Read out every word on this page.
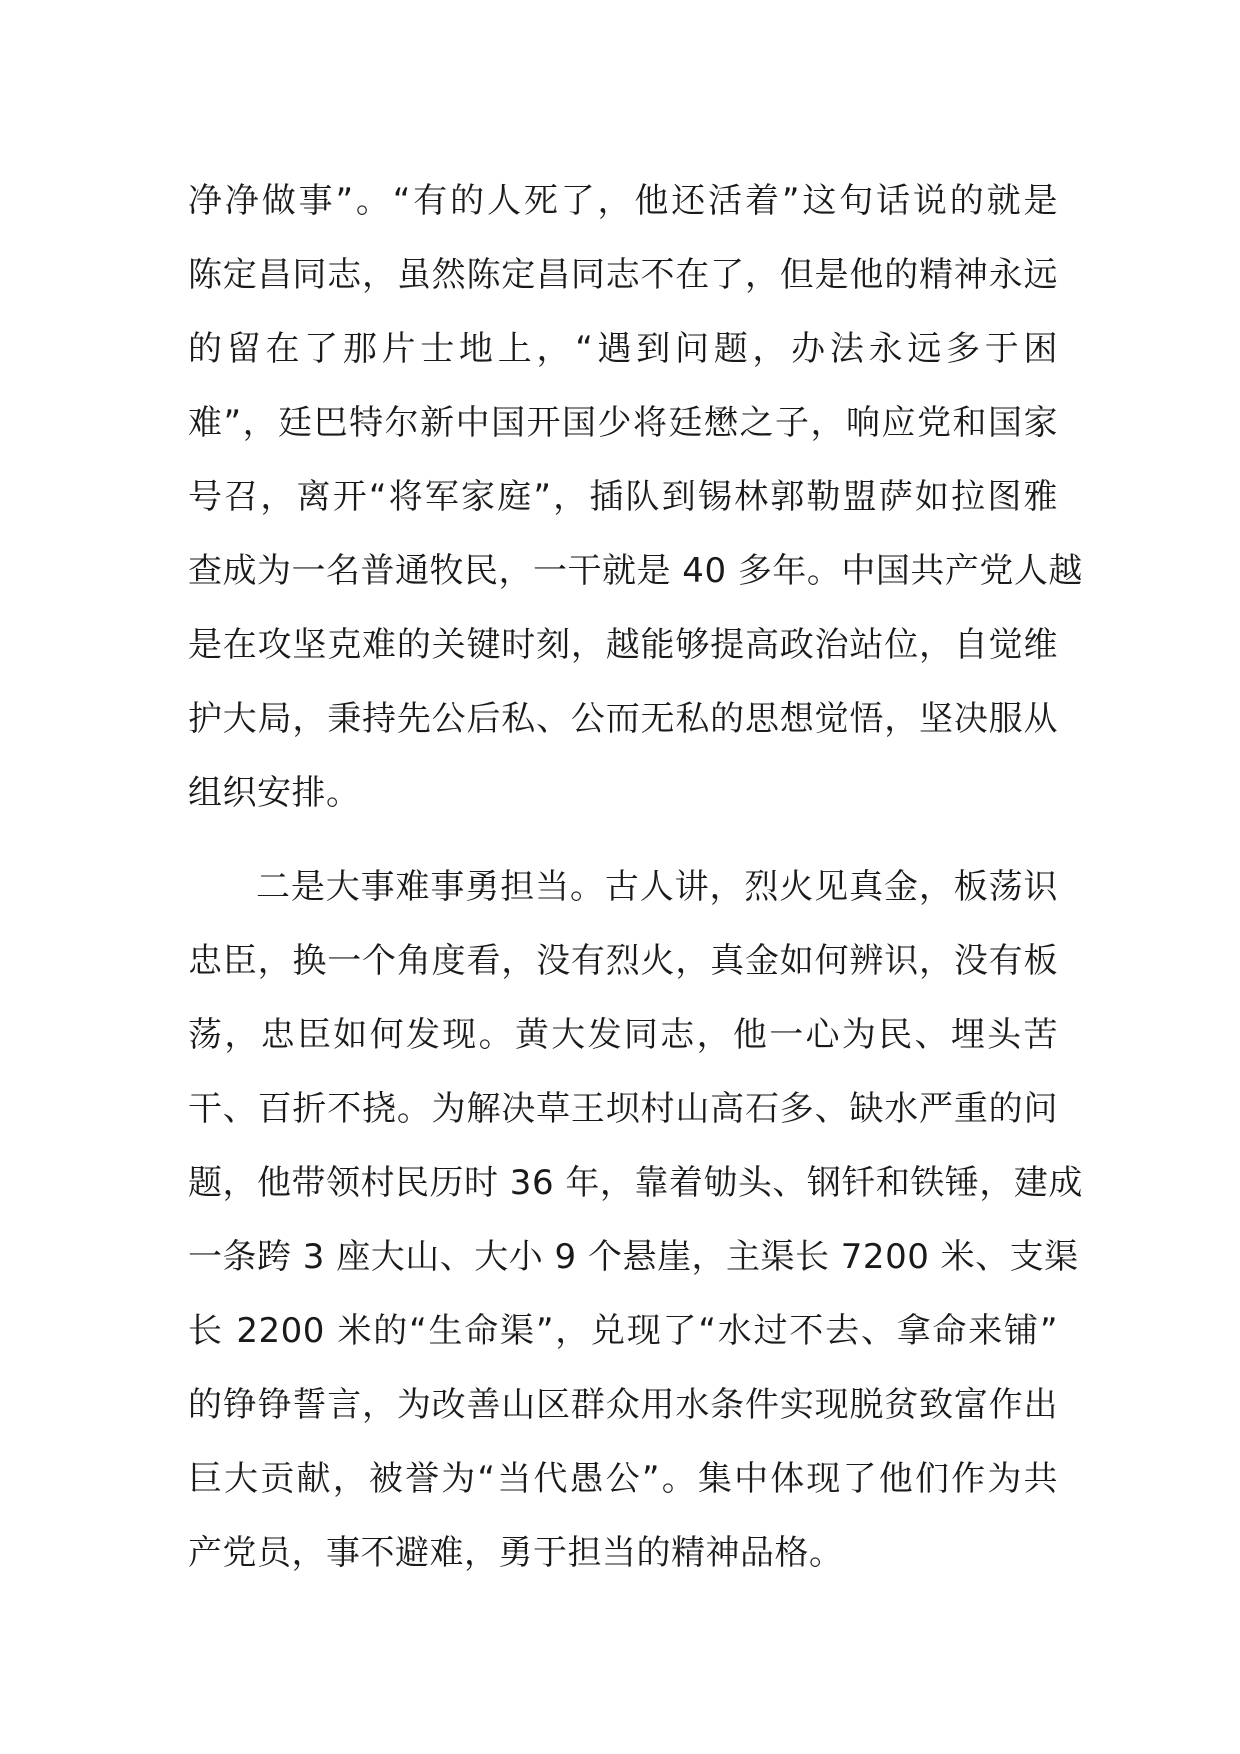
净净做事”。“有的人死了，他还活着”这句话说的就是
陈定昌同志，虽然陈定昌同志不在了，但是他的精神永远
的留在了那片士地上，“遇到问题，办法永远多于困
难”，廷巴特尔新中国开国少将廷懋之子，响应党和国家
号召，离开“将军家庭”，插队到锡林郭勒盟萨如拉图雅
查成为一名普通牧民，一干就是 40 多年。中国共产党人越
是在攻坚克难的关键时刻，越能够提高政治站位，自觉维
护大局，秉持先公后私、公而无私的思想觉悟，坚决服从
组织安排。
二是大事难事勇担当。古人讲，烈火见真金，板荡识
忠臣，换一个角度看，没有烈火，真金如何辨识，没有板
荡，忠臣如何发现。黄大发同志，他一心为民、埋头苦
干、百折不挠。为解决草王坝村山高石多、缺水严重的问
题，他带领村民历时 36 年，靠着劬头、钢钎和铁锤，建成
一条跨 3 座大山、大小 9 个悬崖，主渠长 7200 米、支渠
长 2200 米的“生命渠”，兑现了“水过不去、拿命来铺”
的铮铮誓言，为改善山区群众用水条件实现脱贫致富作出
巨大贡献，被誉为“当代愚公”。集中体现了他们作为共
产党员，事不避难，勇于担当的精神品格。
